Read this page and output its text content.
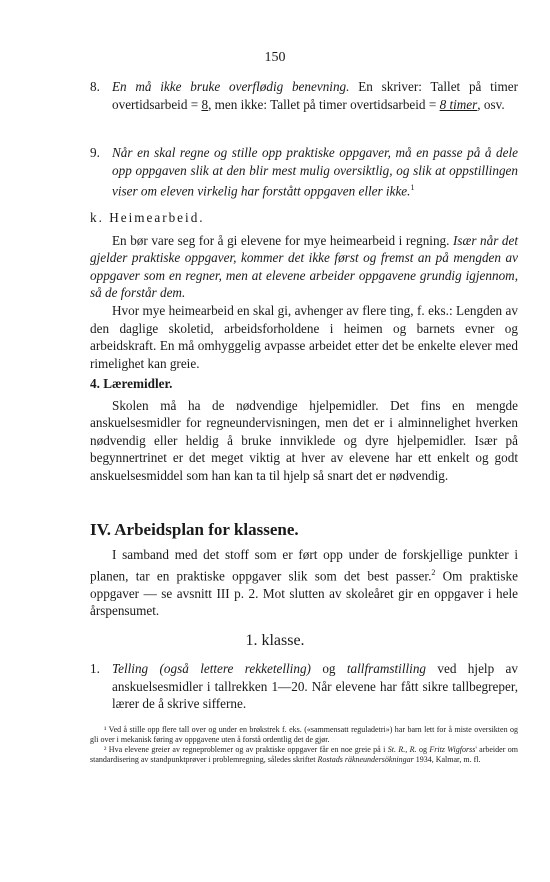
150
8. En må ikke bruke overflødig benevning. En skriver: Tallet på timer overtidsarbeid = 8, men ikke: Tallet på timer overtidsarbeid = 8 timer, osv.
9. Når en skal regne og stille opp praktiske oppgaver, må en passe på å dele opp oppgaven slik at den blir mest mulig oversiktlig, og slik at oppstillingen viser om eleven virkelig har forstått oppgaven eller ikke.$^1$

k. Heimearbeid.

En bør vare seg for å gi elevene for mye heimearbeid i regning. Især når det gjelder praktiske oppgaver, kommer det ikke først og fremst an på mengden av oppgaver som en regner, men at elevene arbeider oppgavene grundig igjennom, så de forstår dem.

Hvor mye heimearbeid en skal gi, avhenger av flere ting, f. eks.: Lengden av den daglige skoletid, arbeidsforholdene i heimen og barnets evner og arbeidskraft. En må omhyggelig avpasse arbeidet etter det be enkelte elever med rimelighet kan greie.

4. Læremidler.

Skolen må ha de nødvendige hjelpemidler. Det fins en mengde anskuelsesmidler for regneundervisningen, men det er i alminnelighet hverken nødvendig eller heldig å bruke innviklede og dyre hjelpemidler. Især på begynnertrinet er det meget viktig at hver av elevene har ett enkelt og godt anskuelsesmiddel som han kan ta til hjelp så snart det er nødvendig.

IV. Arbeidsplan for klassene.

I samband med det stoff som er ført opp under de forskjellige punkter i planen, tar en praktiske oppgaver slik som det best passer.$^2$ Om praktiske oppgaver — se avsnitt III p. 2. Mot slutten av skoleåret gir en oppgaver i hele årspensumet.

1. klasse.
1. Telling (også lettere rekketelling) og tallframstilling ved hjelp av anskuelsesmidler i tallrekken 1—20. Når elevene har fått sikre tallbegreper, lærer de å skrive sifferne.

¹ Ved å stille opp flere tall over og under en brøkstrek f. eks. («sammensatt reguladetri») har barn lett for å miste oversikten og gli over i mekanisk føring av oppgavene uten å forstå ordentlig det de gjør.

² Hva elevene greier av regneproblemer og av praktiske oppgaver får en noe greie på i St. R., R. og Fritz Wigforss' arbeider om standardisering av standpunktprøver i problemregning, således skriftet Rostads räkneundersökningar 1934, Kalmar, m. fl.
